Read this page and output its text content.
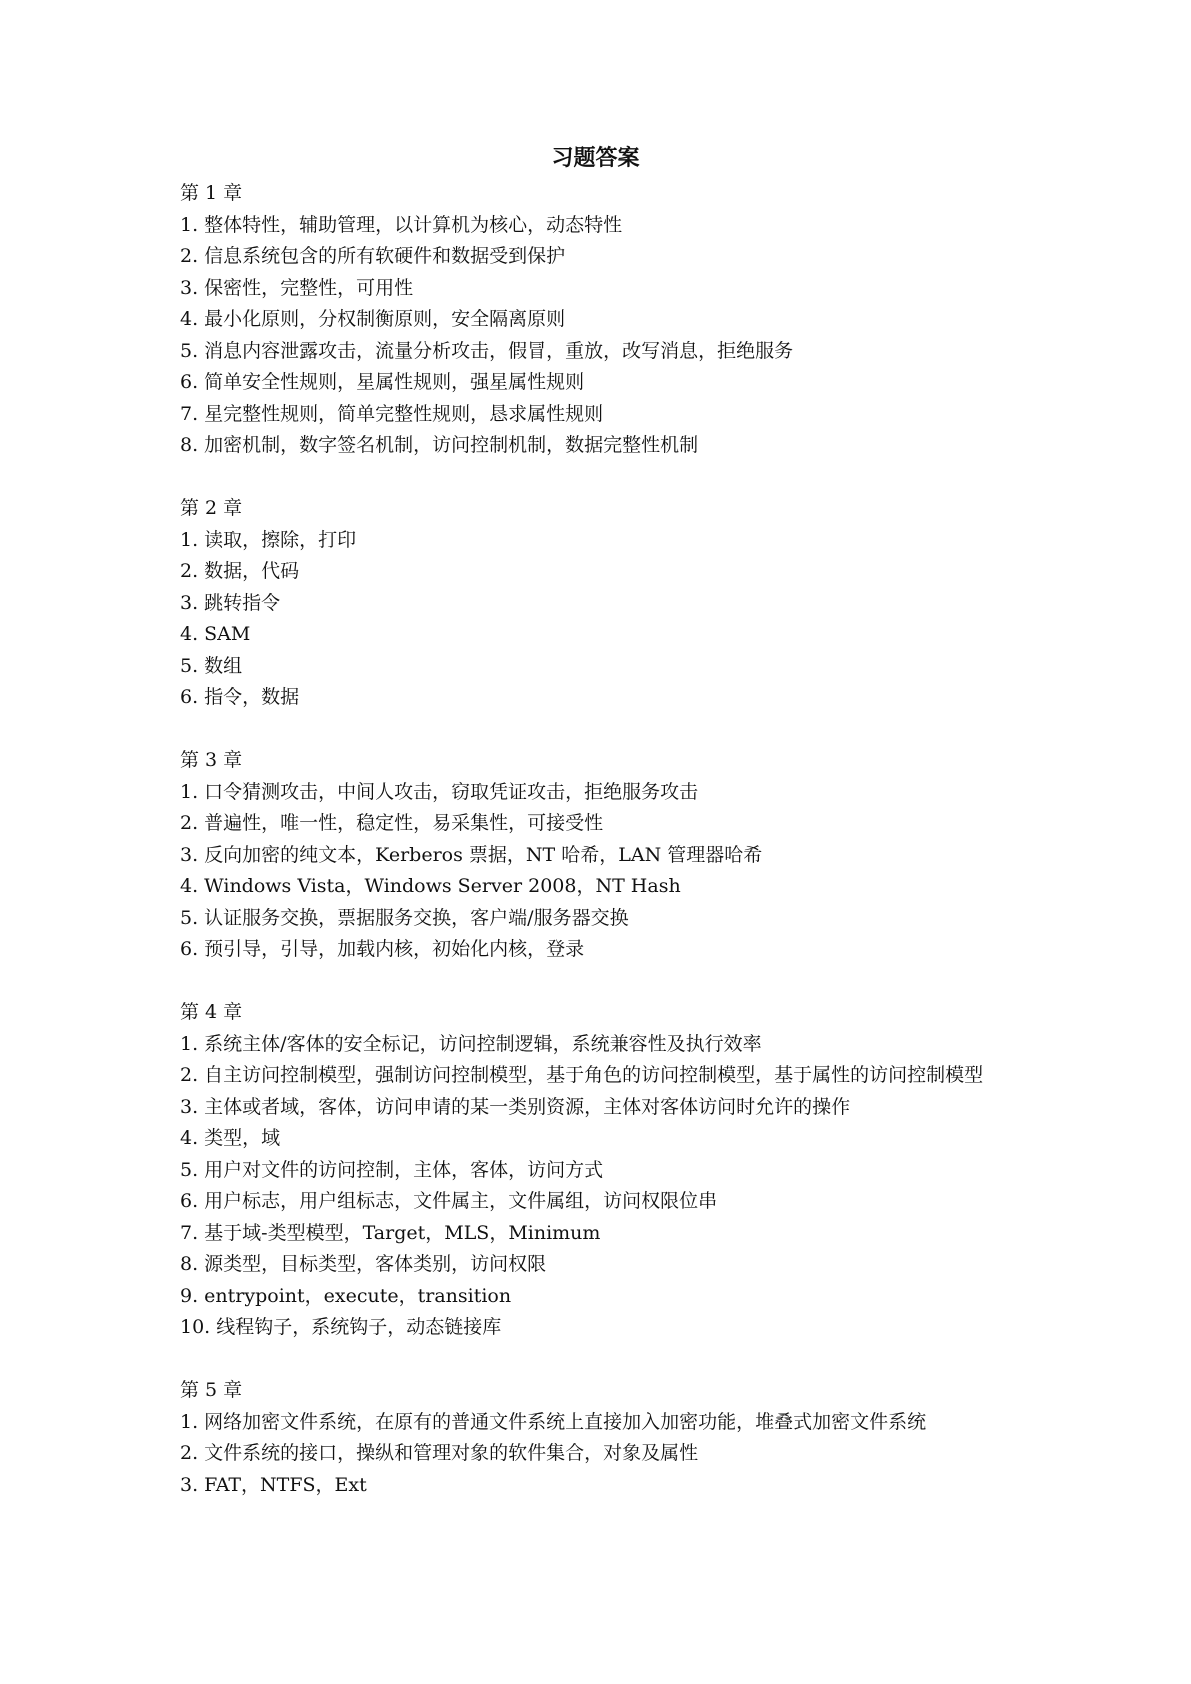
习题答案
第 1 章
1. 整体特性，辅助管理，以计算机为核心，动态特性
2. 信息系统包含的所有软硬件和数据受到保护
3. 保密性，完整性，可用性
4. 最小化原则，分权制衡原则，安全隔离原则
5. 消息内容泄露攻击，流量分析攻击，假冒，重放，改写消息，拒绝服务
6. 简单安全性规则，星属性规则，强星属性规则
7. 星完整性规则，简单完整性规则，恳求属性规则
8. 加密机制，数字签名机制，访问控制机制，数据完整性机制
第 2 章
1. 读取，擦除，打印
2. 数据，代码
3. 跳转指令
4. SAM
5. 数组
6. 指令，数据
第 3 章
1. 口令猜测攻击，中间人攻击，窃取凭证攻击，拒绝服务攻击
2. 普遍性，唯一性，稳定性，易采集性，可接受性
3. 反向加密的纯文本，Kerberos 票据，NT 哈希，LAN 管理器哈希
4. Windows Vista，Windows Server 2008，NT Hash
5. 认证服务交换，票据服务交换，客户端/服务器交换
6. 预引导，引导，加载内核，初始化内核，登录
第 4 章
1. 系统主体/客体的安全标记，访问控制逻辑，系统兼容性及执行效率
2. 自主访问控制模型，强制访问控制模型，基于角色的访问控制模型，基于属性的访问控制模型
3. 主体或者域，客体，访问申请的某一类别资源，主体对客体访问时允许的操作
4. 类型，域
5. 用户对文件的访问控制，主体，客体，访问方式
6. 用户标志，用户组标志，文件属主，文件属组，访问权限位串
7. 基于域-类型模型，Target，MLS，Minimum
8. 源类型，目标类型，客体类别，访问权限
9. entrypoint，execute，transition
10. 线程钩子，系统钩子，动态链接库
第 5 章
1. 网络加密文件系统，在原有的普通文件系统上直接加入加密功能，堆叠式加密文件系统
2. 文件系统的接口，操纵和管理对象的软件集合，对象及属性
3. FAT，NTFS，Ext
